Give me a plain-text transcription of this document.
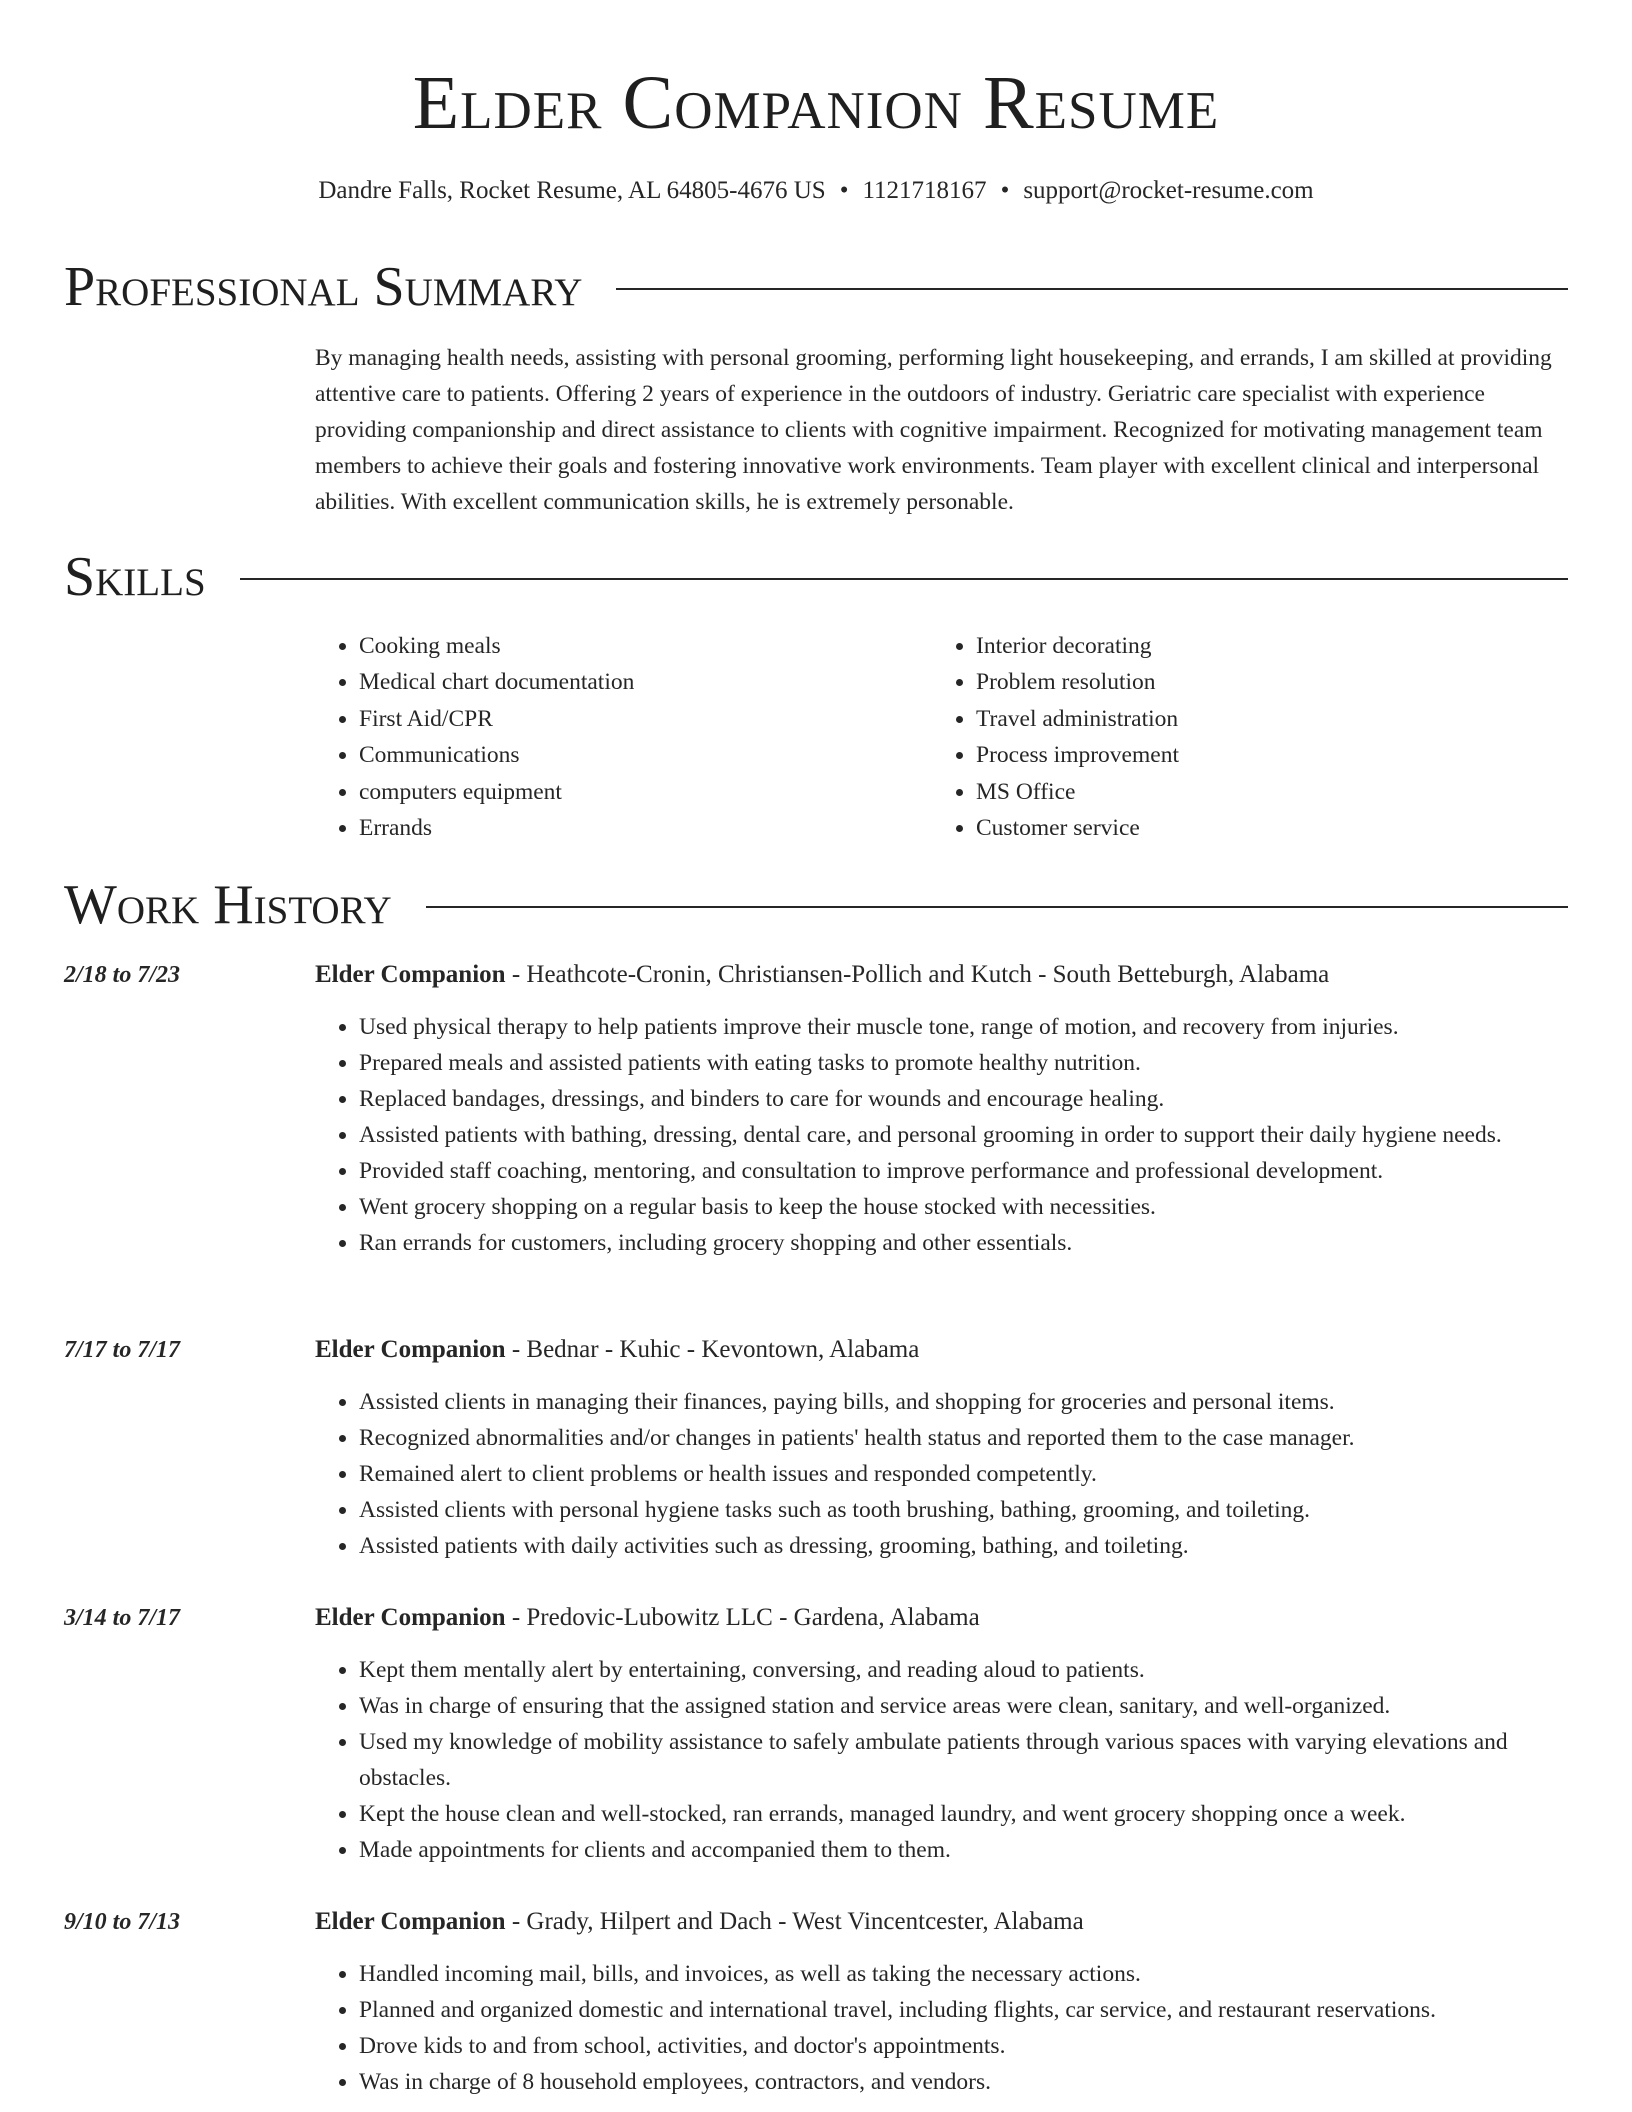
Elder Companion Resume
Dandre Falls, Rocket Resume, AL 64805-4676 US • 1121718167 • support@rocket-resume.com
Professional Summary

By managing health needs, assisting with personal grooming, performing light housekeeping, and errands, I am skilled at providing attentive care to patients. Offering 2 years of experience in the outdoors of industry. Geriatric care specialist with experience providing companionship and direct assistance to clients with cognitive impairment. Recognized for motivating management team members to achieve their goals and fostering innovative work environments. Team player with excellent clinical and interpersonal abilities. With excellent communication skills, he is extremely personable.

Skills
• Cooking meals
• Medical chart documentation
• First Aid/CPR
• Communications
• computers equipment
• Errands
• Interior decorating
• Problem resolution
• Travel administration
• Process improvement
• MS Office
• Customer service
Work History
2/18 to 7/23	Elder Companion - Heathcote-Cronin, Christiansen-Pollich and Kutch - South Betteburgh, Alabama
• Used physical therapy to help patients improve their muscle tone, range of motion, and recovery from injuries.
• Prepared meals and assisted patients with eating tasks to promote healthy nutrition.
• Replaced bandages, dressings, and binders to care for wounds and encourage healing.
• Assisted patients with bathing, dressing, dental care, and personal grooming in order to support their daily hygiene needs.
• Provided staff coaching, mentoring, and consultation to improve performance and professional development.
• Went grocery shopping on a regular basis to keep the house stocked with necessities.
• Ran errands for customers, including grocery shopping and other essentials.
7/17 to 7/17	Elder Companion - Bednar - Kuhic - Kevontown, Alabama
• Assisted clients in managing their finances, paying bills, and shopping for groceries and personal items.
• Recognized abnormalities and/or changes in patients' health status and reported them to the case manager.
• Remained alert to client problems or health issues and responded competently.
• Assisted clients with personal hygiene tasks such as tooth brushing, bathing, grooming, and toileting.
• Assisted patients with daily activities such as dressing, grooming, bathing, and toileting.
3/14 to 7/17	Elder Companion - Predovic-Lubowitz LLC - Gardena, Alabama
• Kept them mentally alert by entertaining, conversing, and reading aloud to patients.
• Was in charge of ensuring that the assigned station and service areas were clean, sanitary, and well-organized.
• Used my knowledge of mobility assistance to safely ambulate patients through various spaces with varying elevations and obstacles.
• Kept the house clean and well-stocked, ran errands, managed laundry, and went grocery shopping once a week.
• Made appointments for clients and accompanied them to them.
9/10 to 7/13	Elder Companion - Grady, Hilpert and Dach - West Vincentcester, Alabama
• Handled incoming mail, bills, and invoices, as well as taking the necessary actions.
• Planned and organized domestic and international travel, including flights, car service, and restaurant reservations.
• Drove kids to and from school, activities, and doctor's appointments.
• Was in charge of 8 household employees, contractors, and vendors.
